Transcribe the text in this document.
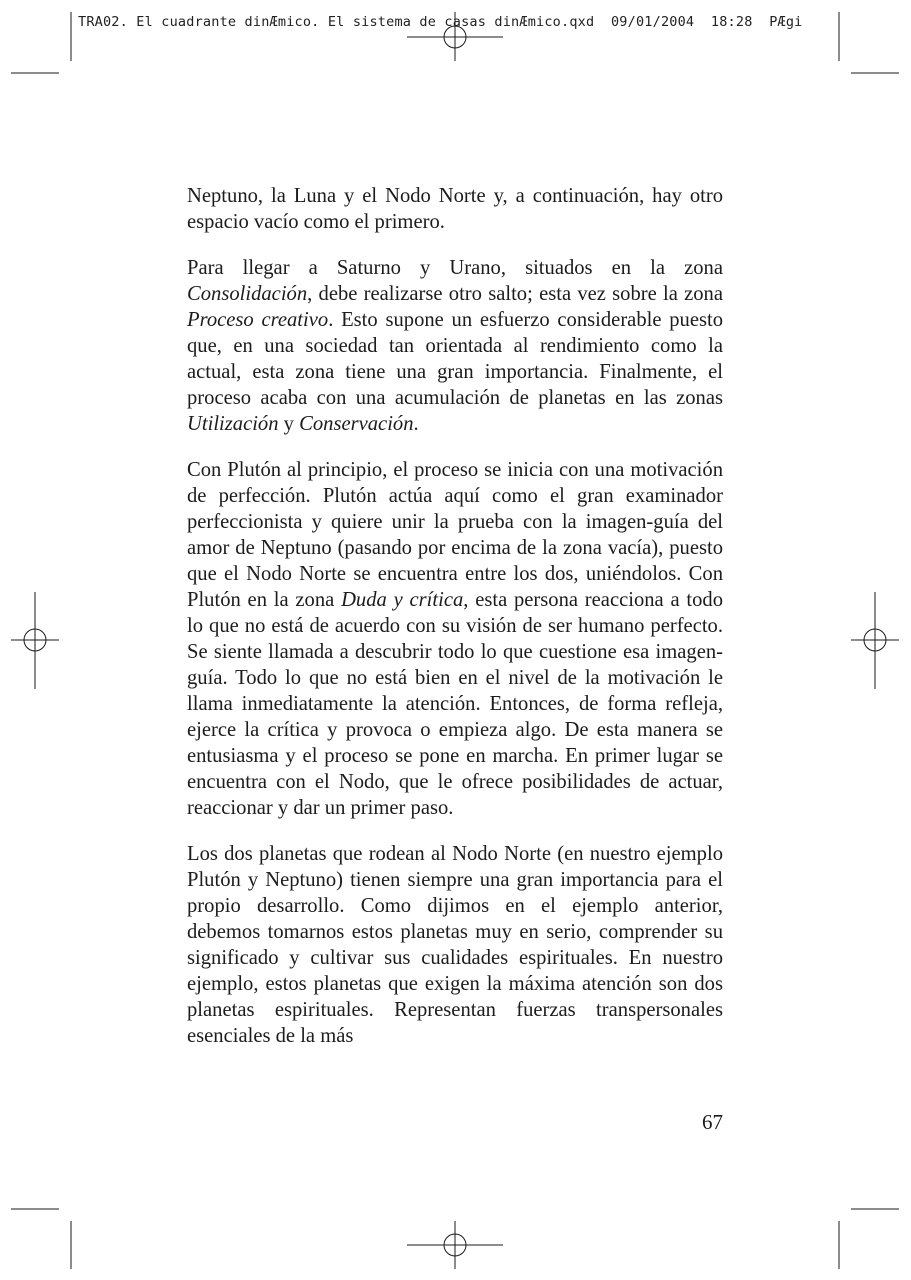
TRA02. El cuadrante dinÆmico. El sistema de casas dinÆmico.qxd  09/01/2004  18:28  PÆgi

Neptuno, la Luna y el Nodo Norte y, a continuación, hay otro espacio vacío como el primero.

Para llegar a Saturno y Urano, situados en la zona Consolidación, debe realizarse otro salto; esta vez sobre la zona Proceso creativo. Esto supone un esfuerzo considerable puesto que, en una sociedad tan orientada al rendimiento como la actual, esta zona tiene una gran importancia. Finalmente, el proceso acaba con una acumulación de planetas en las zonas Utilización y Conservación.

Con Plutón al principio, el proceso se inicia con una motivación de perfección. Plutón actúa aquí como el gran examinador perfeccionista y quiere unir la prueba con la imagen-guía del amor de Neptuno (pasando por encima de la zona vacía), puesto que el Nodo Norte se encuentra entre los dos, uniéndolos. Con Plutón en la zona Duda y crítica, esta persona reacciona a todo lo que no está de acuerdo con su visión de ser humano perfecto. Se siente llamada a descubrir todo lo que cuestione esa imagenguía. Todo lo que no está bien en el nivel de la motivación le llama inmediatamente la atención. Entonces, de forma refleja, ejerce la crítica y provoca o empieza algo. De esta manera se entusiasma y el proceso se pone en marcha. En primer lugar se encuentra con el Nodo, que le ofrece posibilidades de actuar, reaccionar y dar un primer paso.

Los dos planetas que rodean al Nodo Norte (en nuestro ejemplo Plutón y Neptuno) tienen siempre una gran importancia para el propio desarrollo. Como dijimos en el ejemplo anterior, debemos tomarnos estos planetas muy en serio, comprender su significado y cultivar sus cualidades espirituales. En nuestro ejemplo, estos planetas que exigen la máxima atención son dos planetas espirituales. Representan fuerzas transpersonales esenciales de la más

67
